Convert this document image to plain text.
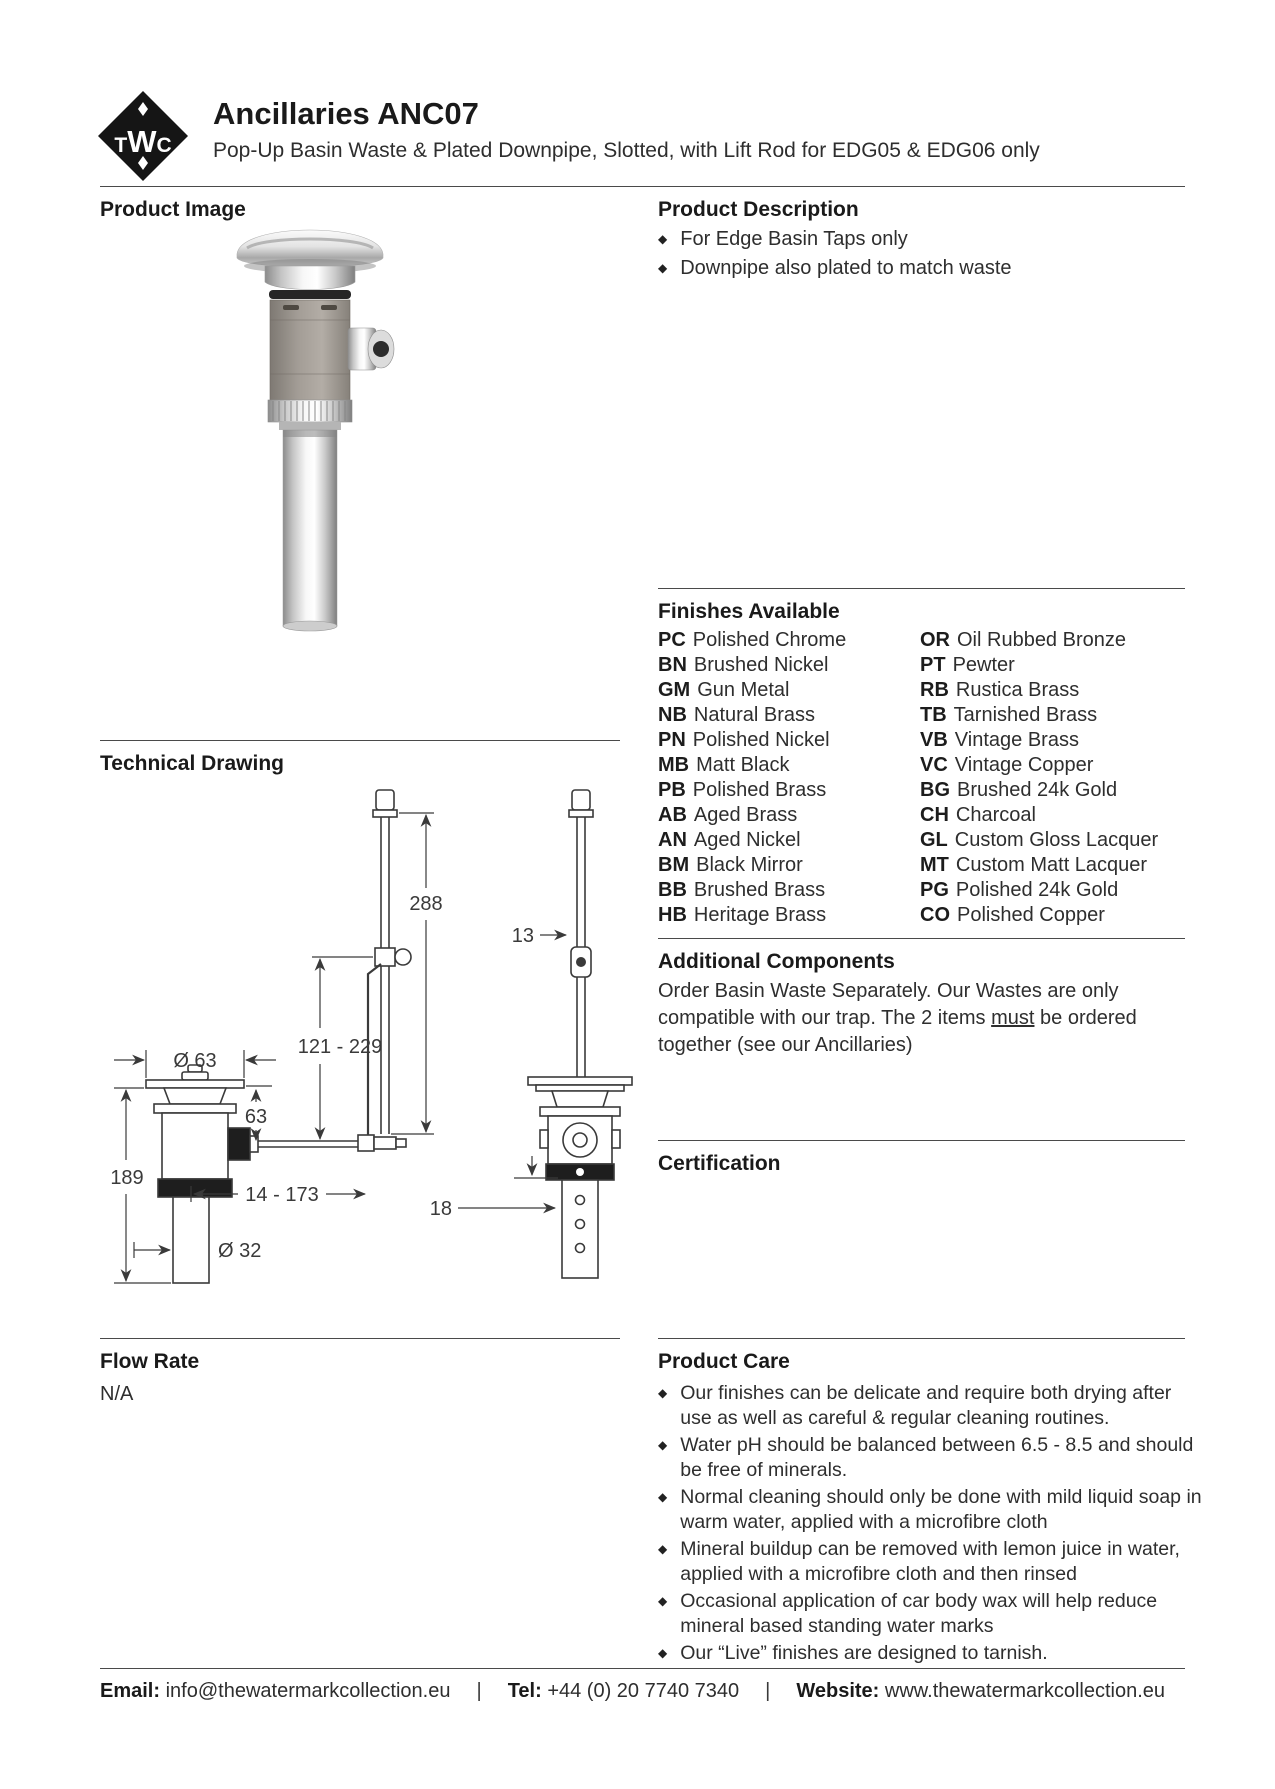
TWC
Ancillaries ANC07

Pop-Up Basin Waste & Plated Downpipe, Slotted, with Lift Rod for EDG05 & EDG06 only

Product Image
Technical Drawing
288
121 - 229
Ø 63
63
189
14 - 173
Ø 32
13
18
Flow Rate

N/A

Product Description
◆ For Edge Basin Taps only
◆ Downpipe also plated to match waste
Finishes Available
PC Polished Chrome
BN Brushed Nickel
GM Gun Metal
NB Natural Brass
PN Polished Nickel
MB Matt Black
PB Polished Brass
AB Aged Brass
AN Aged Nickel
BM Black Mirror
BB Brushed Brass
HB Heritage Brass
OR Oil Rubbed Bronze
PT Pewter
RB Rustica Brass
TB Tarnished Brass
VB Vintage Brass
VC Vintage Copper
BG Brushed 24k Gold
CH Charcoal
GL Custom Gloss Lacquer
MT Custom Matt Lacquer
PG Polished 24k Gold
CO Polished Copper
Additional Components

Order Basin Waste Separately. Our Wastes are only compatible with our trap. The 2 items must be ordered together (see our Ancillaries)

Certification
Product Care
◆ Our finishes can be delicate and require both drying after use as well as careful & regular cleaning routines.
◆ Water pH should be balanced between 6.5 - 8.5 and should be free of minerals.
◆ Normal cleaning should only be done with mild liquid soap in warm water, applied with a microfibre cloth
◆ Mineral buildup can be removed with lemon juice in water, applied with a microfibre cloth and then rinsed
◆ Occasional application of car body wax will help reduce mineral based standing water marks
◆ Our “Live” finishes are designed to tarnish.
Email: info@thewatermarkcollection.eu | Tel: +44 (0) 20 7740 7340 | Website: www.thewatermarkcollection.eu
